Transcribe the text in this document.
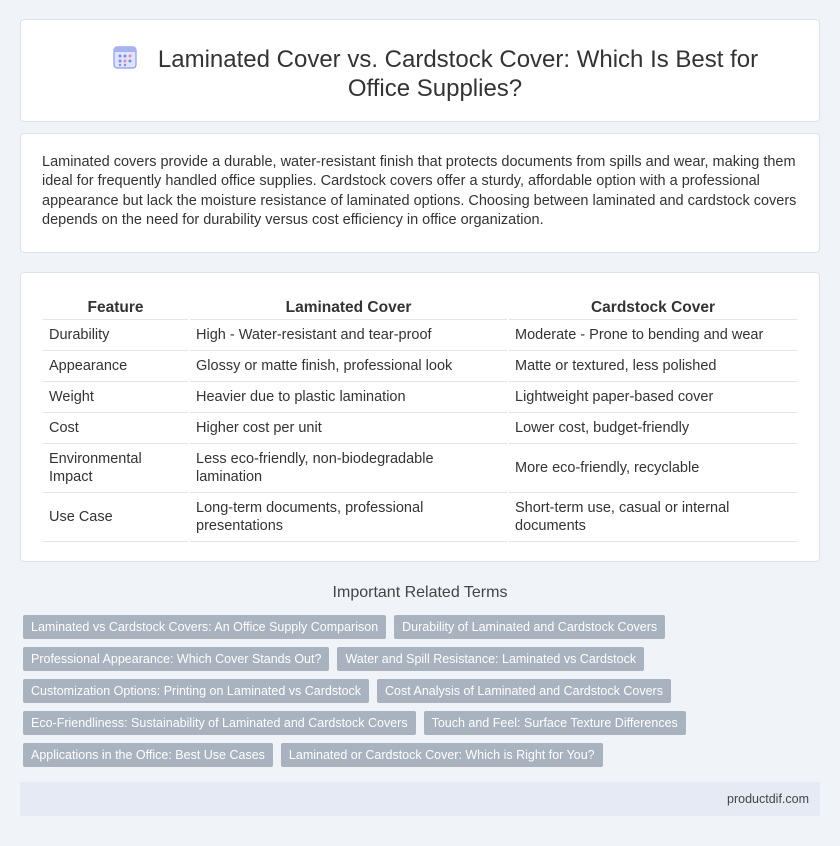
Laminated Cover vs. Cardstock Cover: Which Is Best for Office Supplies?

Laminated covers provide a durable, water-resistant finish that protects documents from spills and wear, making them ideal for frequently handled office supplies. Cardstock covers offer a sturdy, affordable option with a professional appearance but lack the moisture resistance of laminated options. Choosing between laminated and cardstock covers depends on the need for durability versus cost efficiency in office organization.

Feature	Laminated Cover	Cardstock Cover
Durability	High - Water-resistant and tear-proof	Moderate - Prone to bending and wear
Appearance	Glossy or matte finish, professional look	Matte or textured, less polished
Weight	Heavier due to plastic lamination	Lightweight paper-based cover
Cost	Higher cost per unit	Lower cost, budget-friendly
Environmental Impact	Less eco-friendly, non-biodegradable lamination	More eco-friendly, recyclable
Use Case	Long-term documents, professional presentations	Short-term use, casual or internal documents
Important Related Terms
Laminated vs Cardstock Covers: An Office Supply Comparison	Durability of Laminated and Cardstock Covers
Professional Appearance: Which Cover Stands Out?	Water and Spill Resistance: Laminated vs Cardstock
Customization Options: Printing on Laminated vs Cardstock	Cost Analysis of Laminated and Cardstock Covers
Eco-Friendliness: Sustainability of Laminated and Cardstock Covers	Touch and Feel: Surface Texture Differences
Applications in the Office: Best Use Cases	Laminated or Cardstock Cover: Which is Right for You?
productdif.com
